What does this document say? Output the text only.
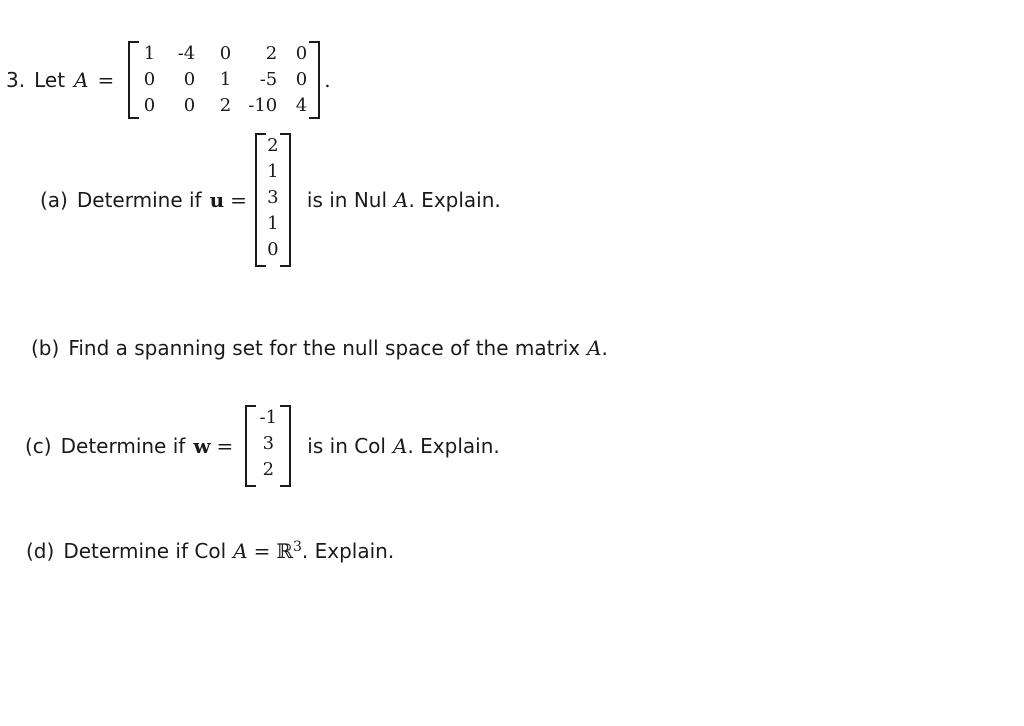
3. Let A =
1 -4 0 2 0
0 0 1 -5 0
0 0 2 -10 4
.
(a) Determine if u =
2
1
3
1
0
is in Nul A . Explain.
(b) Find a spanning set for the null space of the matrix A .
(c) Determine if w =
-1
3
2
is in Col A . Explain.
(d) Determine if Col A = ℝ$^3$ . Explain.
